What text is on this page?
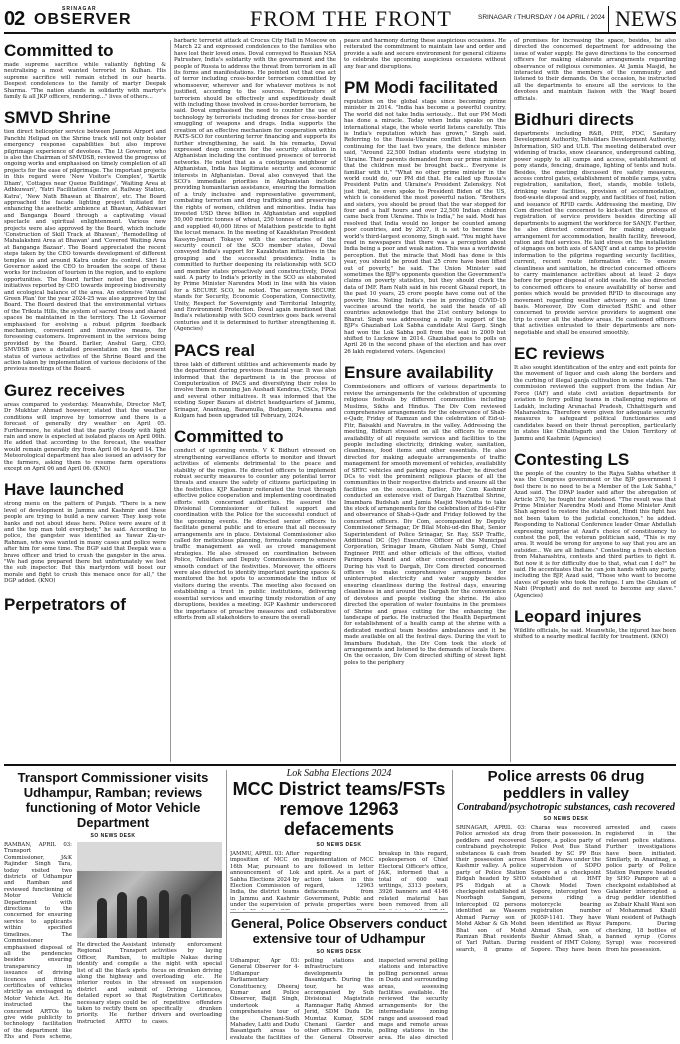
02	SRINAGAR
OBSERVER	FROM THE FRONT	SRINAGAR / THURSDAY / 04 APRIL / 2024 NEWS
Committed to

made supreme sacrifice while valiantly fighting & neutralising a most wanted terrorist in Kulhan. His supreme sacrifice will remain etched in our hearts. Deepest condolences to the family of martyr Deepak Sharma. "The nation stands in solidarity with martyr's family & all JKP officers, rendering..." lives of others...

SMVD Shrine

tion direct helicopter service between Jammu Airport and Panchhi Helipad on the Shrine track will not only bolster emergency response capabilities but also improve pilgrimage experience of devotees. The Lt Governor, who is also the Chairman of SMVDSB, reviewed the progress of ongoing works and emphasised on timely completion of all projects for the ease of pilgrimage. The important projects in this regard were 'New Visitor's Complex', 'Kartik Dham', 'Cottages near Queue Buildings', 'Waiting Area at Adhkuwari', 'Yatri Facilitation Centre at Railway Station, Katra', 'New Nath Bhawan at Bhairon', etc. The Board approached the facade lighting project initiated for enhancing the aesthetic ambience at Bhawan, Adhkuwari and Banganga Board through a captivating visual spectacle and spiritual enlightenment. Various new projects were also approved by the Board, which include 'Construction of Skill Track at Bhawan', 'Remodelling of Mahalakshmi Area at Bhawan' and 'Covered Waiting Area at Banganga Bazaar'. The Board appreciated the recent steps taken by the CEO towards development of different temples in and around Katra under its control. Shri Lt Governor asked the CEO to broaden the scope of these works for inclusion of tourism in the region, and to explore opportunities. The Board further noted the greening initiatives reported by CEO towards improving biodiversity and ecological balance of the area. An extensive 'Annual Green Plan' for the year 2024-25 was also approved by the Board. The Board desired that the environmental virtues of the Trikuta Hills, the system of sacred trees and shared spaces be maintained in the territory. The Lt Governor emphasised for evolving a robust pilgrim feedback mechanism, convenient and innovative means, for foreseeing customers. Improvement in the services being provided by the Board. Earlier, Anshul Garg, CEO, SMVDSB gave a detailed presentation on the present status of various activities of the Shrine Board and the action taken by implementation of various decisions of the previous meetings of the Board.

Gurez receives

areas compared to yesterday. Meanwhile, Director MeT, Dr Mukhtar Ahmad however, stated that the weather conditions will improve by tomorrow and there is a forecast of generally dry weather on April 05. Furthermore, he stated that the partly cloudy with light rain and snow is expected at isolated places on April 06th. He added that according to the forecast, the weather would remain generally dry from April 06 to April 14. The Meteorological department has also issued an advisory for the farmers, asking them to resume farm operations except on April 06 and April 06. (KNO)

Have launched

strong menu on the pattern of Punjab. "There is a new level of development in Jammu and Kashmir and these people are trying to build a new career. They keep vote banks and not about ideas here. Police were aware of it and the top man told everybody," he said. According to police, the gangster was identified as Yawar Zia-ur-Rahman, who was wanted in many cases and police were after him for some time. The BGP said that Deepak was a brave officer and tried to crush the gangster in the area. "We had gone prepared there but unfortunately we lost the sub inspector. But this martyrdom will boost our morale and fight to crush this menace once for all," the DGP added. (KNO)

Perpetrators of

barbaric terrorist attack at Crocus City Hall in Moscow on March 22 and expressed condolences to the families who have lost their loved ones. Doval conveyed to Russian NSA Patrushev, India's solidarity with the government and the people of Russia to address the threat from terrorism in all its forms and manifestations. He pointed out that one act of terror including cross-border terrorism committed by whomsoever, wherever and for whatever motives is not justified, according to the sources. Perpetrators of terrorism should be effectively and expeditiously dealt with including those involved in cross-border terrorism, he said. Doval emphasised the need to counter the use of technology by terrorists including drones for cross-border smuggling of weapons and drugs. India supports the creation of an effective mechanism for cooperation within RATS-SCO for countering terror financing and supports its further strengthening, he said. In his remarks, Doval expressed deep concern for the security situation in Afghanistan including the continued presence of terrorist networks. He noted that as a contiguous neighbour of Afghanistan, India has legitimate security and economic interests in Afghanistan. Doval also conveyed that the SCO's immediate priorities in Afghanistan include providing humanitarian assistance, ensuring the formation of a truly inclusive and representative government, combating terrorism and drug trafficking and preserving the rights of women, children and minorities. India has invested USD three billion in Afghanistan and supplied 50,000 metric tonnes of wheat, 250 tonnes of medical aid and supplied 40,000 litres of Malathion pesticide to fight the locust menace. In the meeting of Kazakhstan President Kassym-Jomart Tokayev with the secretaries of the security council of the SCO member states, Doval conveyed India's support for Kazakhstan initiatives in the grouping and the successful presidency. India is committed to further deepening its relationship with SCO and member states proactively and constructively, Doval said. A party to India's priority in the SCO as elaborated by Prime Minister Narendra Modi in line with his vision for a SECURE SCO, he noted. The acronym SECURE stands for Security, Economic Cooperation, Connectivity, Unity, Respect for Sovereignty and Territorial Integrity, and Environment Protection. Doval again mentioned that India's relationship with SCO countries goes back several centuries and it is determined to further strengthening it. (Agencies)

PACS real

three lakh of different utilities and achievements made by the department during previous financial year. It was also informed that the department is in the process of Computerization of PACS and diversifying their roles to involve them in running Jan Aushadi Kendras, CSCs, FPOs and several other initiatives. It was informed that the existing Super Bazars at district headquarters of Jammu, Srinagar, Anantnag, Baramulla, Budgam, Pulwama and Kulgam had been upgraded till February, 2024.

Committed to

conduct of upcoming events. V K Bidhuri stressed on strengthening surveillance efforts to monitor and thwart activities of elements detrimental to the peace and stability of the region. He directed officers to implement robust security measures to counter any potential terror threats and ensure the safety of citizens participating in the festivities. KJP Kashmir reiterated the trust through effective police cooperation and implementing coordinated efforts with concerned authorities. He assured the Divisional Commissioner of fullest support and coordination with the Police for the successful conduct of the upcoming events. He directed senior officers to facilitate general public and to ensure that all necessary arrangements are in place. Divisional Commissioner also called for meticulous planning, formulate comprehensive traffic management as well as crowd management strategies. He also stressed on coordination between Police, Tehsildars and Deputy Commissioners to ensure smooth conduct of the festivities. Moreover, the officers were also directed to identify important parking spaces & monitored the hot spots to accommodate the influx of visitors during the events. The meeting also focused on establishing a trust in public institutions, delivering essential services and ensuring timely restoration of any disruptions, besides a meeting. IGP Kashmir underscored the importance of proactive measures and collaborative efforts from all stakeholders to ensure the overall

peace and harmony during these auspicious occasions. He reiterated the commitment to maintain law and order and provide a safe and secure environment for general citizens to celebrate the upcoming auspicious occasions without any fear and disruptions.

PM Modi facilitated

reputation on the global stage since becoming prime minister in 2014. "India has become a powerful country. The world did not take India seriously... But our PM Modi has done a miracle. Today when India speaks on the international stage, the whole world listens carefully. This is India's reputation which has grown," Singh said. Referring to the Russia-Ukraine conflict that has been continuing for the last two years, the defence minister said, "Around 22,500 Indian students were studying in Ukraine. Their parents demanded from our prime minister that the children must be brought back... Everyone is familiar with it." "What no other prime minister in the world could do, our PM did that. He called up Russia's President Putin and Ukraine's President Zelenskyy. Not just that, he even spoke to President Biden of the US, which is considered the most powerful nation. "Brothers and sisters, you should be proud that the war stopped for four and a half hours and over 22,500 Indian children came back from Ukraine. This is India," he said. Modi has resolved that India would no longer be counted among poor countries, and by 2027, it is set to become the world's third-largest economy, Singh said. "You might have read in newspapers that there was a perception about India being a poor and weak nation. This was a worldwide perception. But the miracle that Modi has done is this year, you should be proud that 25 crore have been lifted out of poverty," he said. The Union Minister said sometimes the BJP's opponents question the Government's claims on poverty statistics, but they should check the data of IMF. Ram Nath said in his recent Ghazal report, in the past 10 years, 25 crore people have come out of the poverty line. Noting India's rise in providing COVID-19 vaccines around the world, he said the heads of all countries acknowledge that the 21st century belongs to Bharat. Singh was addressing a rally in support of the BJP's Ghaziabad Lok Sabha candidate Atul Garg. Singh had won the Lok Sabha poll from the seat in 2009 but shifted to Lucknow in 2014. Ghaziabad goes to polls on April 26 in the second phase of the election and has over 26 lakh registered voters. (Agencies)

Ensure availability

Commissioners and officers of various departments to review the arrangements for the celebration of upcoming religious festivals by different communities including Muslims, Sikhs and Hindus. The Div Com reviewed comprehensive arrangements for the observance of Shab-e-Qadr, Friday of Ramzan and the celebration of Eid-ul-Fitr, Baisakhi and Navratra in the valley. Addressing the meeting, Bidhuri stressed on all the officers to ensure availability of all requisite services and facilities to the people including electricity, drinking water, sanitation, cleanliness, food items and other essentials. He also directed for making adequate arrangements of traffic management for smooth movement of vehicles, availability of SRTC vehicles and parking space. Further, he directed DCs to visit the prominent religious places of all the communities in their respective districts and ensure all the facilities on the occasion. Earlier, Div Com Kashmir conducted an extensive visit of Dargah Hazratbal Shrine, Imambara Budshah and Jamia Masjid Nowhatta to take the stock of arrangements for the celebration of Eid-ul-Fitr and observance of Shab-i-Qadr and Friday followed by the concerned officers. Div Com, accompanied by Deputy Commissioner Srinagar, Dr Bilal Mohi-ud-din Bhat, Senior Superintendent of Police Srinagar, Sr. Ray, SSP Traffic, Additional DC (Dy) Executive Officer of the Municipal Corporation, Srinagar Imam, Ghulam Nabi Sumji, Chief Engineer PHE and other officials of the offices, visited Parimpora Mandi and other concerned departments. During his visit to Dargah, Div Com directed concerned officers to make comprehensive arrangements for uninterrupted electricity and water supply besides ensuring cleanliness during the festival days, ensuring cleanliness in and around the Dargah for the convenience of devotees and people visiting the shrine. He also directed the operation of water fountains in the premises of Shrine and grass cutting for the enhancing the landscape of parks. He instructed the Health Department for establishment of a health camp at the shrine with a dedicated medical team besides ambulances and it be made available on all the festival days. During the visit to Imambara Budshah, the Div Com took the stock of arrangements and listened to the demands of locals there. On the occasion, Div Com directed shifting of street light poles to the periphery

of premises for increasing the space, besides, he also directed the concerned department for addressing the issue of water supply. He gave directions to the concerned officers for making elaborate arrangements regarding observance of religious ceremonies. At Jamia Masjid, he interacted with the members of the community and listened to their demands. On the occasion, he instructed all the departments to ensure all the services to the devotees and maintain liaison with the Waqf board officials.

Bidhuri directs

departments including R&B, PHE, FDC, Sanitary Development Authority, Tehsildars Development Authority, Information, SIO and ULB. The meeting deliberated over widening of tracks, snow clearance, underground cabling, power supply to all camps and access, establishment of pony stands, fencing, drainage, lighting of tents and huts. Besides, the meeting discussed fire safety measures, access control gates, establishment of mobile camps, yatra registration, sanitation, fleet, stands, mobile toilets, drinking water facilities, provision of accommodation, food-waste disposal and supply, and facilities of fuel, ration and issuance of RFID cards. Addressing the meeting, Div Com directed the concerned to kick-start the process of registration of service providers besides directing all departments to augment the workforce for SANJY. Further, he also directed concerned for making adequate arrangement for accommodation, health facility, firewood, ration and fuel services. He laid stress on the installation of signages on both axis of SANJY and at camps to provide information to the pilgrims regarding security facilities, current, recent route information etc. To ensure cleanliness and sanitation, he directed concerned officers to carry maintenance activities about at least 2 days before for proper disposal of solid waste. He also directed to concerned officers to ensure availability of horse and ponies which would be provided RFID to discourage any movement regarding weather advisory on a real time basis. Moreover, Div Com directed RSRC and other concerned to provide service providers to augment one trip to cover all the shadow areas. He cautioned officers that activities entrusted to their departments are non-negotiable and shall be ensured smoothly.

EC reviews

It also sought identification of the entry and exit points for the movement of liquor and cash along the borders and the curbing of illegal ganja cultivation in some states. The commission reviewed the support from the Indian Air Force (IAF) and state civil aviation departments for aviation to ferry polling teams in challenging regions of Ladakh, including Arunachal Pradesh, Chhattisgarh and Maharashtra. Therefore were given for adequate security measures to safeguard political functionaries and candidates based on their threat perception, particularly in states like Chhattisgarh and the Union Territory of Jammu and Kashmir. (Agencies)

Contesting LS

the people of the country to the Rajya Sabha whether it was the Congress government or the BJP government I feel there is no need to be a Member of the Lok Sabha," Azad said. The DPAP leader said after the abrogation of Article 370, he fought for statehood. "The result was that Prime Minister Narendra Modi and Home Minister Amit Shah agreed to restore the statehood, Hindi this fight has not been taken to the judicial conclusion," he added. Responding to National Conference leader Omar Abdullah expressing surprise at Azad's choice of constituency to contest the poll, the veteran politician said, "This is my area. It would be wrong for anyone to say that you are an outsider... We are all Indians." Contesting a fresh election from Maharashtra, contests and third parties to fight it. But now it is for difficulty due to that, what can I do?" he said. He accentuates that he can join hands with any party, including the BJP, Azad said, "Those who want to become slaves of people who took the refuge. I am the Ghulam of Nabi (Prophet) and do not need to become any slave." (Agencies)

Leopard injures

Wildlife officials, he said. Meanwhile, the injured has been shifted to a nearby medical facility for treatment. (KNO)

Transport Commissioner visits Udhampur, Ramban; reviews functioning of Motor Vehicle Department
SO NEWS DESK

RAMBAN, APRIL 03: Transport Commissioner, J&K Rajinder Singh Tara, today visited two districts of Udhampur and Ramban and reviewed functioning of Motor Vehicle Department with directions to the concerned for ensuring service to applicants within specified timelines. The Commissioner emphasised disposal of all the pendencies besides ensuring transparency in issuance of driving licences and fitness certificates of vehicles strictly as envisaged in Motor Vehicle Act. He instructed the concerned ARTOs to give wide publicity to technology facilitation of the department like Ehs and Fees scheme,

He directed the Assistant Regional Transport Officer, Ramban, to identify and compile a list of all the black spots along the highway and interior routes in the district and submit detailed report so that necessary steps could be taken to rectify them on priority. He further instructed ARTO to intensify enforcement activities by laying multiple Nakas during the night with special focus on drunken driving overloading etc. He stressed on suspension of Driving Licences, Registration Certificates of repetitive offenders specifically drunken drivers and overloading cases.

Lok Sabha Elections 2024
MCC District teams/FSTs remove 12963 defacements
SO NEWS DESK

JAMMU, APRIL 03: After imposition of MCC on 16th Mar, pursuant to announcement of Lok Sabha Elections 2024 by Election Commission of India, the district teams in Jammu and Kashmir under the supervision of regarding implementation of MCC are followed in letter and spirit. As a part of action taken in this regard, 12963 defacements from Government, Public and private properties were breakup in this regard, spokesperson of Chief Electoral Officer's office, J&K, informed that a total of 600 wall writings, 3313 posters, 3926 banners and 4146 related material has been removed from all

General, Police Observers conduct extensive tour of Udhampur
SO NEWS DESK

Udhampur, Apr 03: General Observer for 4-Udhampur Parliamentary Constituency, Dheeraj Kumar and Police Observer, Baljit Singh, undertook a comprehensive tour of the Chenani-Sudh Mahadev, Latti and Dudu Basantgarh areas to evaluate the facilities of polling stations and infrastructure developments in Basantgarh. During the tour, he was accompanied by Sub Divisional Magistrate Ramnagar Rafiq Ahmed Jerid, SDM Dudu Dr. Mumtaz Kumar, SDM Chenani Garder and other officers. En route, the General Observer inspected several polling stations and interactive polling personnel areas in Dudu and surrounding areas, assessing facilities available. He reviewed the security arrangements for the intermediate zoning range and assessed road maps and remote areas polling stations in the area. He also directed

Police arrests 06 drug peddlers in valley
Contraband/psychotropic substances, cash recovered
SO NEWS DESK

SRINAGAR, APRIL 03: Police arrested six drug peddlers and recovered contraband psychotropic substances & cash from their possession across Kashmir valley. A police party of Police Station Eidgah headed by SHO PS Eidgah at a checkpoint established at Noorbagh Sangam, intercepted 02 persons identified as Waseem Ahmad Parray son of Mohd Akbar & Gh Mohd Bhat son of Mohd Ramzan Bhat residents of Yarl Pattan. During search, 8 grams of Charas was recovered from their possession. In Sopore, a police party of Police Post Bus Stand headed by SC PP Bus Stand At Rawa under the supervision of SDPO Sopore at a checkpoint established at HMT Chowk Model Town Sopore, intercepted two persons riding a motorcycle bearing registration number JK05P-1141. They have been identified as Riyaz Ahmad Shah, son of Bashir Ahmad Shah, a resident of HMT Colony, Sopore. They have been arrested and cases registered in the relevant police stations. Further investigations have been initiated. Similarly, in Anantnag, a police party of Police Station Pampore headed by SHO Pampore at a checkpoint established at Galander intercepted a drug peddler identified as Zubair Khalil Wani son of Mohammad Khalil Wani resident of Pathagh Pampore. During checking, 18 bottles of banned syrup (Cores Syrup) was recovered from his possession.
